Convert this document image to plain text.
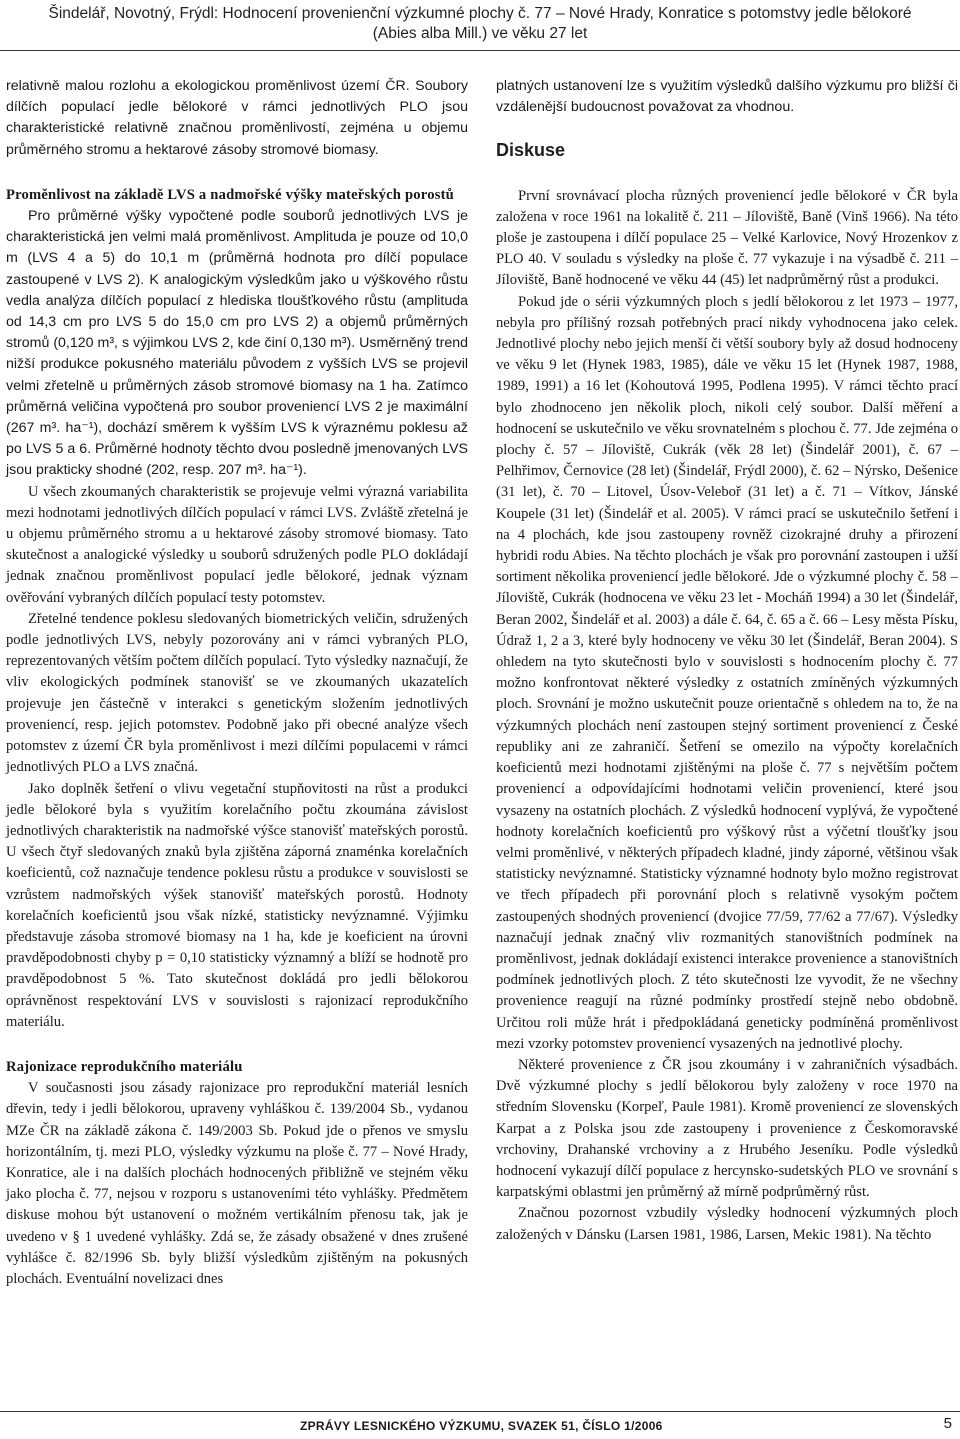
Šindelář, Novotný, Frýdl: Hodnocení provenienční výzkumné plochy č. 77 – Nové Hrady, Konratice s potomstvy jedle bělokoré
(Abies alba Mill.) ve věku 27 let

relativně malou rozlohu a ekologickou proměnlivost území ČR. Soubory dílčích populací jedle bělokoré v rámci jednotlivých PLO jsou charakteristické relativně značnou proměnlivostí, zejména u objemu průměrného stromu a hektarové zásoby stromové biomasy.

Proměnlivost na základě LVS a nadmořské výšky mateřských porostů

Pro průměrné výšky vypočtené podle souborů jednotlivých LVS je charakteristická jen velmi malá proměnlivost. Amplituda je pouze od 10,0 m (LVS 4 a 5) do 10,1 m (průměrná hodnota pro dílčí populace zastoupené v LVS 2). K analogickým výsledkům jako u výškového růstu vedla analýza dílčích populací z hlediska tloušťkového růstu (amplituda od 14,3 cm pro LVS 5 do 15,0 cm pro LVS 2) a objemů průměrných stromů (0,120 m³, s výjimkou LVS 2, kde činí 0,130 m³). Usměrněný trend nižší produkce pokusného materiálu původem z vyšších LVS se projevil velmi zřetelně u průměrných zásob stromové biomasy na 1 ha. Zatímco průměrná veličina vypočtená pro soubor proveniencí LVS 2 je maximální (267 m³. ha⁻¹), dochází směrem k vyšším LVS k výraznému poklesu až po LVS 5 a 6. Průměrné hodnoty těchto dvou posledně jmenovaných LVS jsou prakticky shodné (202, resp. 207 m³. ha⁻¹).

U všech zkoumaných charakteristik se projevuje velmi výrazná variabilita mezi hodnotami jednotlivých dílčích populací v rámci LVS. Zvláště zřetelná je u objemu průměrného stromu a u hektarové zásoby stromové biomasy. Tato skutečnost a analogické výsledky u souborů sdružených podle PLO dokládají jednak značnou proměnlivost populací jedle bělokoré, jednak význam ověřování vybraných dílčích populací testy potomstev.

Zřetelné tendence poklesu sledovaných biometrických veličin, sdružených podle jednotlivých LVS, nebyly pozorovány ani v rámci vybraných PLO, reprezentovaných větším počtem dílčích populací. Tyto výsledky naznačují, že vliv ekologických podmínek stanovišť se ve zkoumaných ukazatelích projevuje jen částečně v interakci s genetickým složením jednotlivých proveniencí, resp. jejich potomstev. Podobně jako při obecné analýze všech potomstev z území ČR byla proměnlivost i mezi dílčími populacemi v rámci jednotlivých PLO a LVS značná.

Jako doplněk šetření o vlivu vegetační stupňovitosti na růst a produkci jedle bělokoré byla s využitím korelačního počtu zkoumána závislost jednotlivých charakteristik na nadmořské výšce stanovišť mateřských porostů. U všech čtyř sledovaných znaků byla zjištěna záporná znaménka korelačních koeficientů, což naznačuje tendence poklesu růstu a produkce v souvislosti se vzrůstem nadmořských výšek stanovišť mateřských porostů. Hodnoty korelačních koeficientů jsou však nízké, statisticky nevýznamné. Výjimku představuje zásoba stromové biomasy na 1 ha, kde je koeficient na úrovni pravděpodobnosti chyby p = 0,10 statisticky významný a blíží se hodnotě pro pravděpodobnost 5 %. Tato skutečnost dokládá pro jedli bělokorou oprávněnost respektování LVS v souvislosti s rajonizací reprodukčního materiálu.

Rajonizace reprodukčního materiálu

V současnosti jsou zásady rajonizace pro reprodukční materiál lesních dřevin, tedy i jedli bělokorou, upraveny vyhláškou č. 139/2004 Sb., vydanou MZe ČR na základě zákona č. 149/2003 Sb. Pokud jde o přenos ve smyslu horizontálním, tj. mezi PLO, výsledky výzkumu na ploše č. 77 – Nové Hrady, Konratice, ale i na dalších plochách hodnocených přibližně ve stejném věku jako plocha č. 77, nejsou v rozporu s ustanoveními této vyhlášky. Předmětem diskuse mohou být ustanovení o možném vertikálním přenosu tak, jak je uvedeno v § 1 uvedené vyhlášky. Zdá se, že zásady obsažené v dnes zrušené vyhlášce č. 82/1996 Sb. byly bližší výsledkům zjištěným na pokusných plochách. Eventuální novelizaci dnes

platných ustanovení lze s využitím výsledků dalšího výzkumu pro bližší či vzdálenější budoucnost považovat za vhodnou.

Diskuse

První srovnávací plocha různých proveniencí jedle bělokoré v ČR byla založena v roce 1961 na lokalitě č. 211 – Jíloviště, Baně (Vinš 1966). Na této ploše je zastoupena i dílčí populace 25 – Velké Karlovice, Nový Hrozenkov z PLO 40. V souladu s výsledky na ploše č. 77 vykazuje i na výsadbě č. 211 – Jíloviště, Baně hodnocené ve věku 44 (45) let nadprůměrný růst a produkci.

Pokud jde o sérii výzkumných ploch s jedlí bělokorou z let 1973 – 1977, nebyla pro přílišný rozsah potřebných prací nikdy vyhodnocena jako celek. Jednotlivé plochy nebo jejich menší či větší soubory byly až dosud hodnoceny ve věku 9 let (Hynek 1983, 1985), dále ve věku 15 let (Hynek 1987, 1988, 1989, 1991) a 16 let (Kohoutová 1995, Podlena 1995). V rámci těchto prací bylo zhodnoceno jen několik ploch, nikoli celý soubor. Další měření a hodnocení se uskutečnilo ve věku srovnatelném s plochou č. 77. Jde zejména o plochy č. 57 – Jíloviště, Cukrák (věk 28 let) (Šindelář 2001), č. 67 – Pelhřimov, Černovice (28 let) (Šindelář, Frýdl 2000), č. 62 – Nýrsko, Dešenice (31 let), č. 70 – Litovel, Úsov-Veleboř (31 let) a č. 71 – Vítkov, Jánské Koupele (31 let) (Šindelář et al. 2005). V rámci prací se uskutečnilo šetření i na 4 plochách, kde jsou zastoupeny rovněž cizokrajné druhy a přirození hybridi rodu Abies. Na těchto plochách je však pro porovnání zastoupen i užší sortiment několika proveniencí jedle bělokoré. Jde o výzkumné plochy č. 58 – Jíloviště, Cukrák (hodnocena ve věku 23 let - Mocháň 1994) a 30 let (Šindelář, Beran 2002, Šindelář et al. 2003) a dále č. 64, č. 65 a č. 66 – Lesy města Písku, Údraž 1, 2 a 3, které byly hodnoceny ve věku 30 let (Šindelář, Beran 2004). S ohledem na tyto skutečnosti bylo v souvislosti s hodnocením plochy č. 77 možno konfrontovat některé výsledky z ostatních zmíněných výzkumných ploch. Srovnání je možno uskutečnit pouze orientačně s ohledem na to, že na výzkumných plochách není zastoupen stejný sortiment proveniencí z České republiky ani ze zahraničí. Šetření se omezilo na výpočty korelačních koeficientů mezi hodnotami zjištěnými na ploše č. 77 s největším počtem proveniencí a odpovídajícími hodnotami veličin proveniencí, které jsou vysazeny na ostatních plochách. Z výsledků hodnocení vyplývá, že vypočtené hodnoty korelačních koeficientů pro výškový růst a výčetní tloušťky jsou velmi proměnlivé, v některých případech kladné, jindy záporné, většinou však statisticky nevýznamné. Statisticky významné hodnoty bylo možno registrovat ve třech případech při porovnání ploch s relativně vysokým počtem zastoupených shodných proveniencí (dvojice 77/59, 77/62 a 77/67). Výsledky naznačují jednak značný vliv rozmanitých stanovištních podmínek na proměnlivost, jednak dokládají existenci interakce provenience a stanovištních podmínek jednotlivých ploch. Z této skutečnosti lze vyvodit, že ne všechny provenience reagují na různé podmínky prostředí stejně nebo obdobně. Určitou roli může hrát i předpokládaná geneticky podmíněná proměnlivost mezi vzorky potomstev proveniencí vysazených na jednotlivé plochy.

Některé provenience z ČR jsou zkoumány i v zahraničních výsadbách. Dvě výzkumné plochy s jedlí bělokorou byly založeny v roce 1970 na středním Slovensku (Korpeľ, Paule 1981). Kromě proveniencí ze slovenských Karpat a z Polska jsou zde zastoupeny i provenience z Českomoravské vrchoviny, Drahanské vrchoviny a z Hrubého Jeseníku. Podle výsledků hodnocení vykazují dílčí populace z hercynsko-sudetských PLO ve srovnání s karpatskými oblastmi jen průměrný až mírně podprůměrný růst.

Značnou pozornost vzbudily výsledky hodnocení výzkumných ploch založených v Dánsku (Larsen 1981, 1986, Larsen, Mekic 1981). Na těchto

ZPRÁVY LESNICKÉHO VÝZKUMU, SVAZEK 51, ČÍSLO 1/2006	5
